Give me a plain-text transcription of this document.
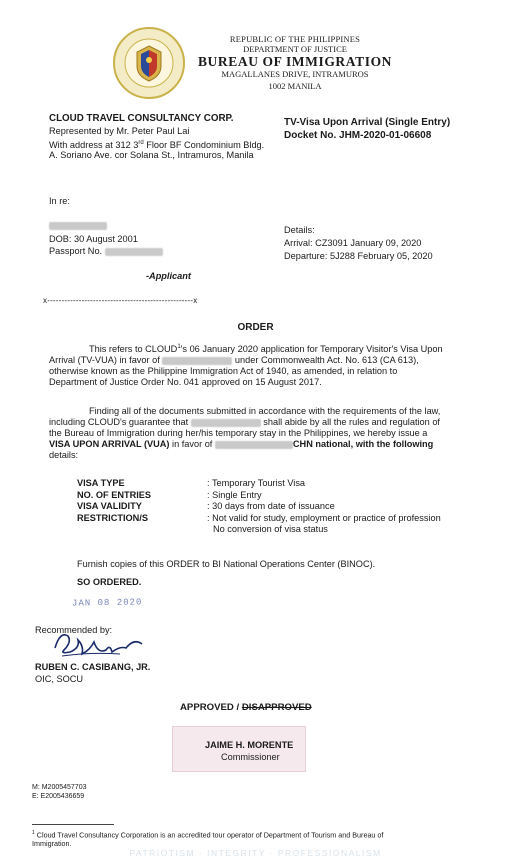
REPUBLIC OF THE PHILIPPINES
DEPARTMENT OF JUSTICE
BUREAU OF IMMIGRATION
MAGALLANES DRIVE, INTRAMUROS
1002 MANILA
CLOUD TRAVEL CONSULTANCY CORP.
Represented by Mr. Peter Paul Lai
With address at 312 3rd Floor BF Condominium Bldg.
A. Soriano Ave. cor Solana St., Intramuros, Manila
TV-Visa Upon Arrival (Single Entry)
Docket No. JHM-2020-01-06608
In re:
DOB: 30 August 2001
Passport No.
Details:
Arrival: CZ3091 January 09, 2020
Departure: 5J288 February 05, 2020
-Applicant
x---------------------------------------------------x
ORDER
This refers to CLOUD$^1$'s 06 January 2020 application for Temporary Visitor's Visa Upon
Arrival (TV-VUA) in favor of	under Commonwealth Act. No. 613 (CA 613),
otherwise known as the Philippine Immigration Act of 1940, as amended, in relation to
Department of Justice Order No. 041 approved on 15 August 2017.
Finding all of the documents submitted in accordance with the requirements of the law,
including CLOUD's guarantee that	shall abide by all the rules and regulation of
the Bureau of Immigration during her/his temporary stay in the Philippines, we hereby issue a
VISA UPON ARRIVAL (VUA) in favor of	CHN national, with the following
details:
VISA TYPE	: Temporary Tourist Visa
NO. OF ENTRIES	: Single Entry
VISA VALIDITY	: 30 days from date of issuance
RESTRICTION/S	: Not valid for study, employment or practice of profession
No conversion of visa status
Furnish copies of this ORDER to BI National Operations Center (BINOC).
SO ORDERED.
JAN 08 2020
Recommended by:
RUBEN C. CASIBANG, JR.
OIC, SOCU
APPROVED / DISAPPROVED
JAIME H. MORENTE
Commissioner
M: M2005457703
E: E2005436659
$^1$ Cloud Travel Consultancy Corporation is an accredited tour operator of Department of Tourism and Bureau of
Immigration.
PATRIOTISM · INTEGRITY · PROFESSIONALISM
